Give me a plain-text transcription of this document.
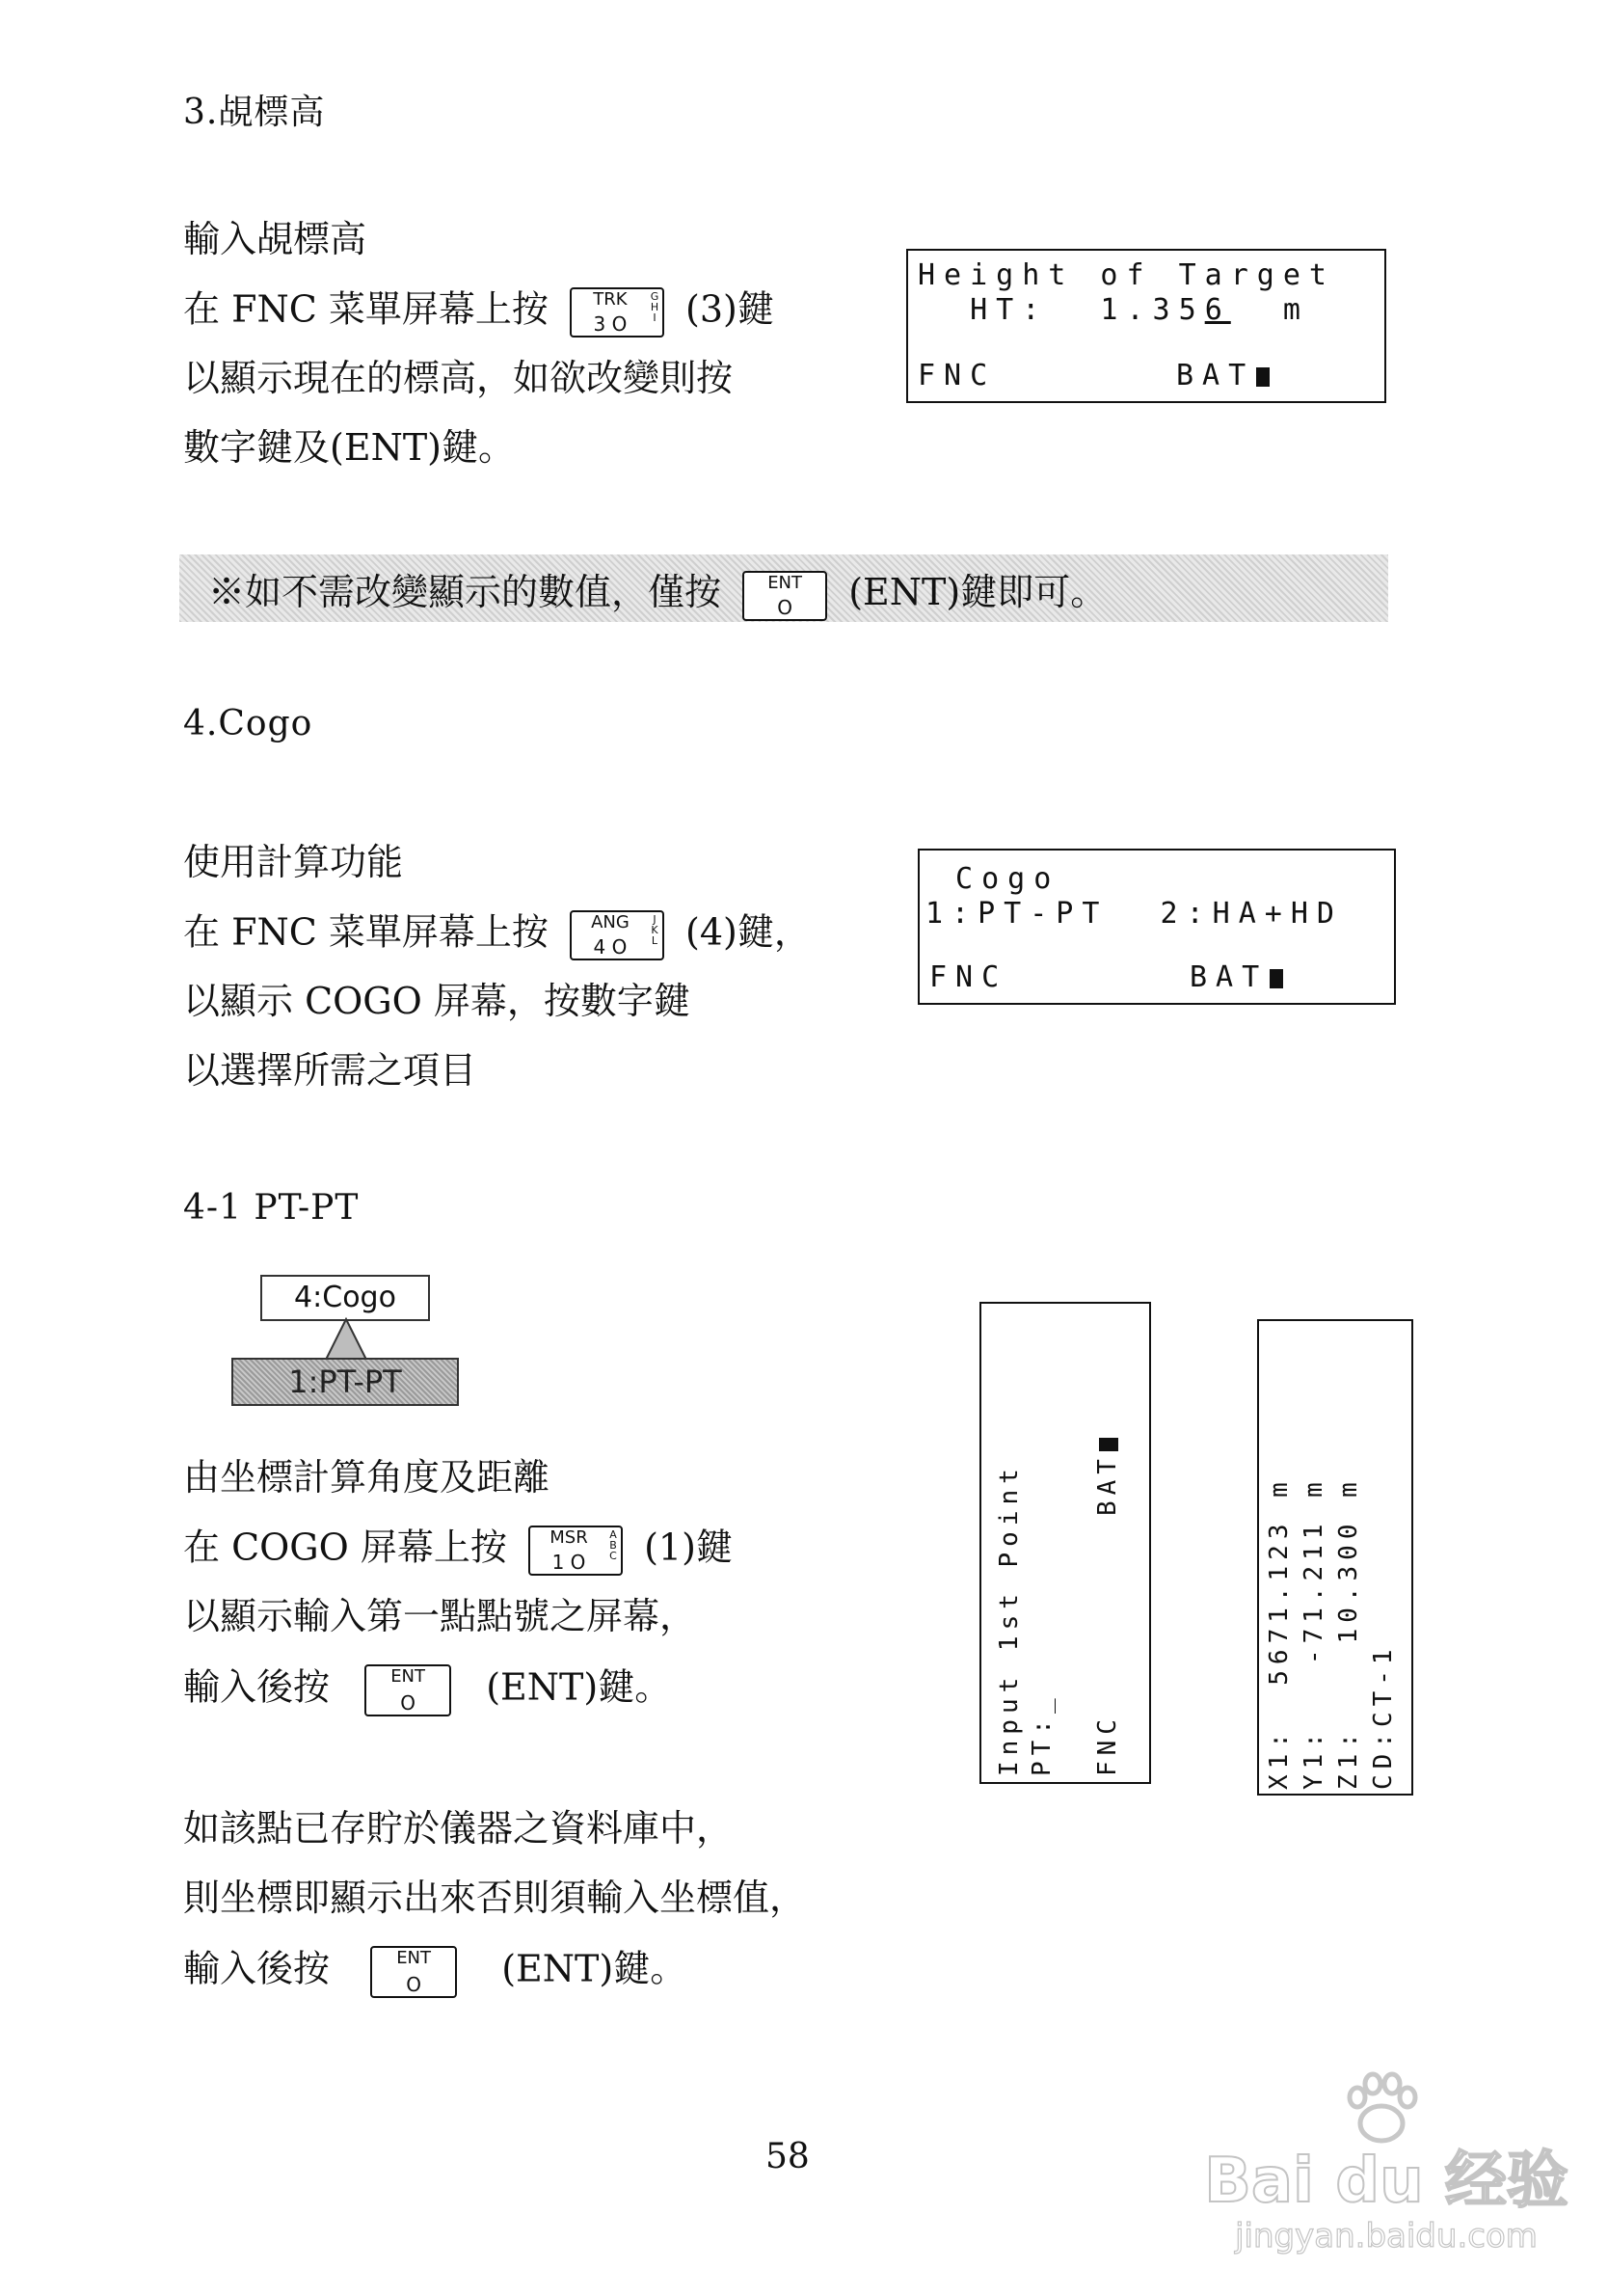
3.覘標高
輸入覘標高
在 FNC 菜單屏幕上按	TRK	G
H
I
3 O	(3)鍵
以顯示現在的標高，如欲改變則按
數字鍵及(ENT)鍵。
Height of Target
HT:  1.356  m
FNC	BAT
※如不需改變顯示的數值，僅按	ENT
O	(ENT)鍵即可。
4.Cogo
使用計算功能
在 FNC 菜單屏幕上按	ANG	J
K
L
4 O	(4)鍵，
以顯示 COGO 屏幕，按數字鍵
以選擇所需之項目
Cogo
1:PT-PT  2:HA+HD
FNC	BAT
4-1 PT-PT
4:Cogo
1:PT-PT
由坐標計算角度及距離
在 COGO 屏幕上按	MSR	A
B
C
1 O	(1)鍵
以顯示輸入第一點點號之屏幕，
輸入後按	ENT
O	(ENT)鍵。
如該點已存貯於儀器之資料庫中，
則坐標即顯示出來否則須輸入坐標值，
輸入後按	ENT
O	(ENT)鍵。
Input 1st Point PT:_ FNC
BAT	X1:  5671.123 m Y1:   -71.211 m Z1:    10.300 m CD:CT-1
58	Bai du 经验
jingyan.baidu.com
